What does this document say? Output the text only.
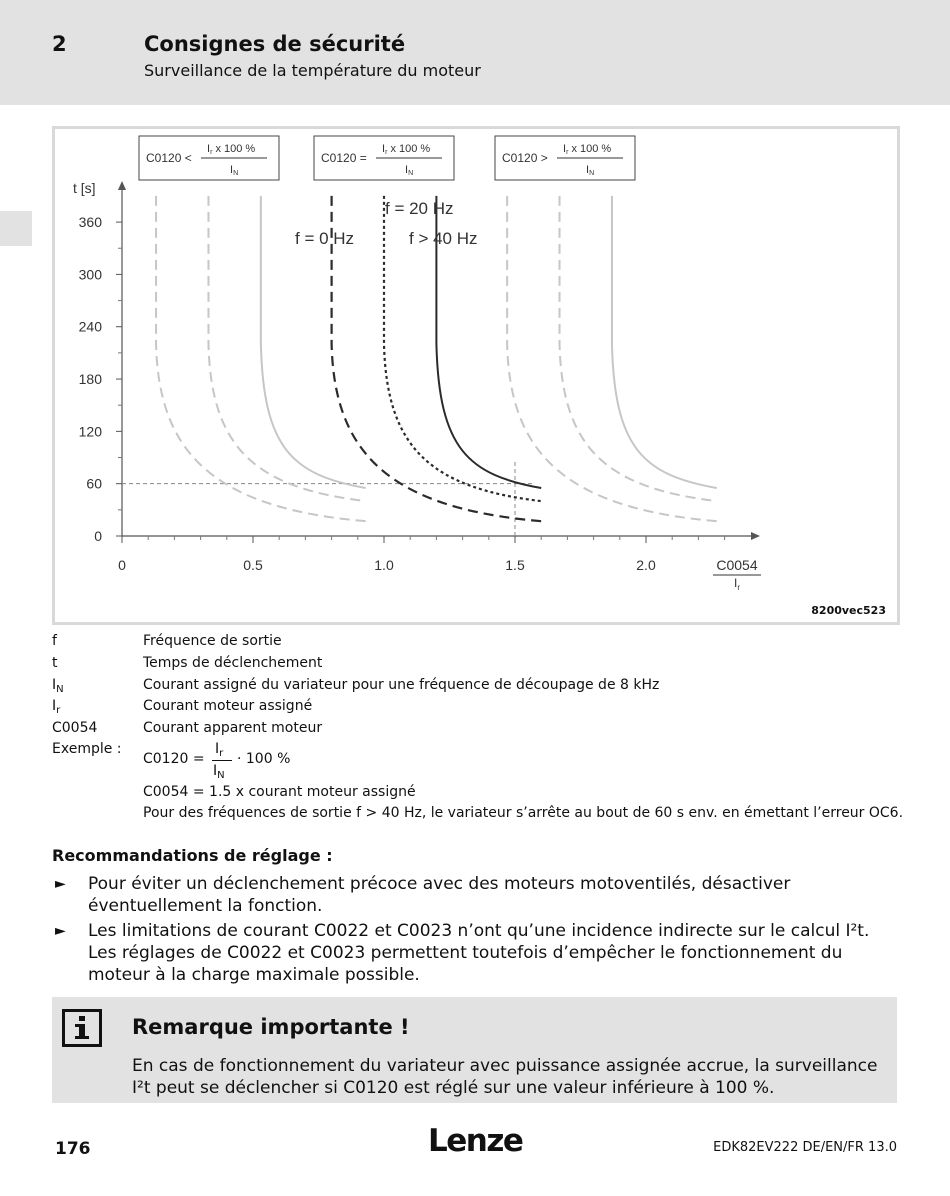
2	Consignes de sécurité
Surveillance de la température du moteur
0
60
120
180
240
300
360
0	0.5	1.0	1.5	2.0
t [s]
C0054
$I_r$
f = 20 Hz
f = 0 Hz	f > 40 Hz
C0120 <
Ir x 100 %
IN
C0120 =
Ir x 100 %
IN
C0120 >
Ir x 100 %
IN
8200vec523
f	Fréquence de sortie
t	Temps de déclenchement
$I_N$	Courant assigné du variateur pour une fréquence de découpage de 8 kHz
$I_r$	Courant moteur assigné
C0054	Courant apparent moteur
Exemple :
C0120 =
$I_r$
$I_N$
· 100 %
C0054 = 1.5 x courant moteur assigné
Pour des fréquences de sortie f > 40 Hz, le variateur s’arrête au bout de 60 s env. en émettant l’erreur OC6.
Recommandations de réglage :
► Pour éviter un déclenchement précoce avec des moteurs motoventilés, désactiver éventuellement la fonction.
► Les limitations de courant C0022 et C0023 n’ont qu’une incidence indirecte sur le calcul I²t. Les réglages de C0022 et C0023 permettent toutefois d’empêcher le fonctionnement du moteur à la charge maximale possible.
Remarque importante !
En cas de fonctionnement du variateur avec puissance assignée accrue, la surveillance I²t peut se déclencher si C0120 est réglé sur une valeur inférieure à 100 %.
176	Lenze	EDK82EV222 DE/EN/FR 13.0
